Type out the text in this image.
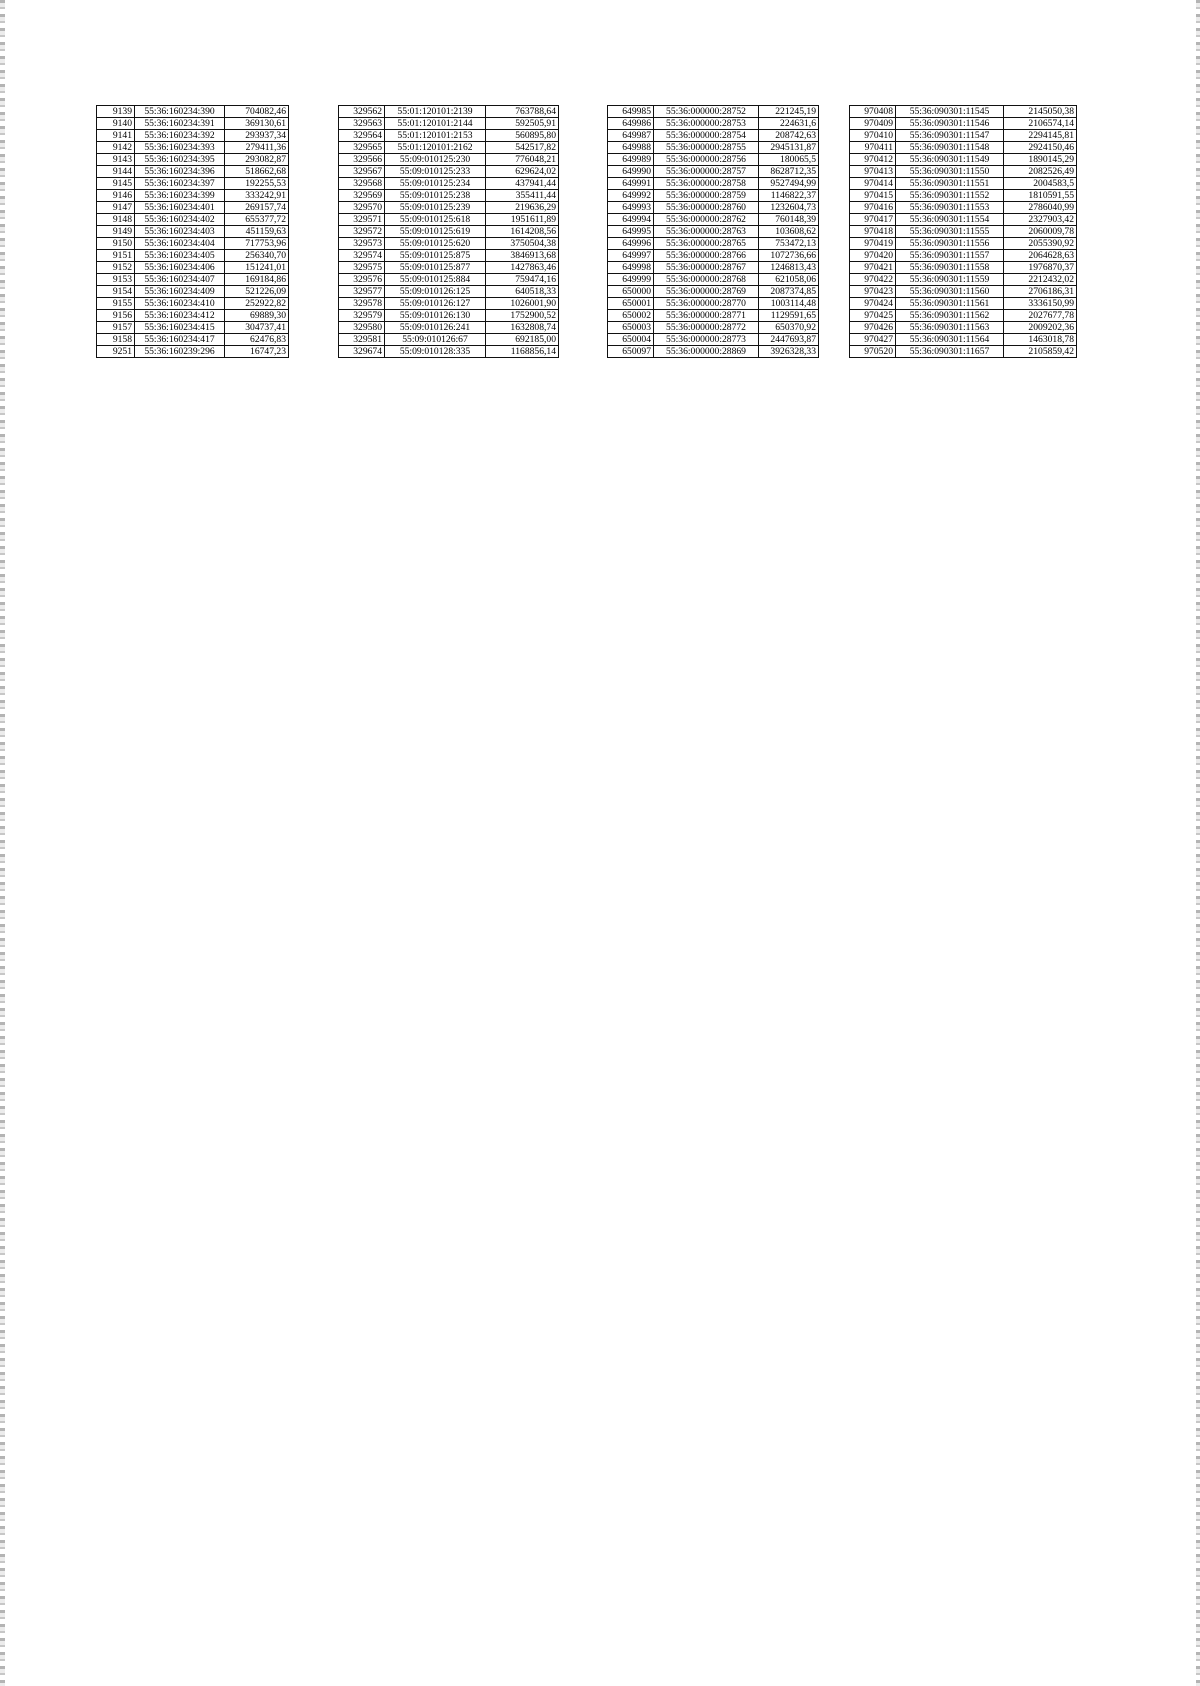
9139	55:36:160234:390	704082,46
9140	55:36:160234:391	369130,61
9141	55:36:160234:392	293937,34
9142	55:36:160234:393	279411,36
9143	55:36:160234:395	293082,87
9144	55:36:160234:396	518662,68
9145	55:36:160234:397	192255,53
9146	55:36:160234:399	333242,91
9147	55:36:160234:401	269157,74
9148	55:36:160234:402	655377,72
9149	55:36:160234:403	451159,63
9150	55:36:160234:404	717753,96
9151	55:36:160234:405	256340,70
9152	55:36:160234:406	151241,01
9153	55:36:160234:407	169184,86
9154	55:36:160234:409	521226,09
9155	55:36:160234:410	252922,82
9156	55:36:160234:412	69889,30
9157	55:36:160234:415	304737,41
9158	55:36:160234:417	62476,83
9251	55:36:160239:296	16747,23
329562	55:01:120101:2139	763788,64
329563	55:01:120101:2144	592505,91
329564	55:01:120101:2153	560895,80
329565	55:01:120101:2162	542517,82
329566	55:09:010125:230	776048,21
329567	55:09:010125:233	629624,02
329568	55:09:010125:234	437941,44
329569	55:09:010125:238	355411,44
329570	55:09:010125:239	219636,29
329571	55:09:010125:618	1951611,89
329572	55:09:010125:619	1614208,56
329573	55:09:010125:620	3750504,38
329574	55:09:010125:875	3846913,68
329575	55:09:010125:877	1427863,46
329576	55:09:010125:884	759474,16
329577	55:09:010126:125	640518,33
329578	55:09:010126:127	1026001,90
329579	55:09:010126:130	1752900,52
329580	55:09:010126:241	1632808,74
329581	55:09:010126:67	692185,00
329674	55:09:010128:335	1168856,14
649985	55:36:000000:28752	221245,19
649986	55:36:000000:28753	224631,6
649987	55:36:000000:28754	208742,63
649988	55:36:000000:28755	2945131,87
649989	55:36:000000:28756	180065,5
649990	55:36:000000:28757	8628712,35
649991	55:36:000000:28758	9527494,99
649992	55:36:000000:28759	1146822,37
649993	55:36:000000:28760	1232604,73
649994	55:36:000000:28762	760148,39
649995	55:36:000000:28763	103608,62
649996	55:36:000000:28765	753472,13
649997	55:36:000000:28766	1072736,66
649998	55:36:000000:28767	1246813,43
649999	55:36:000000:28768	621058,06
650000	55:36:000000:28769	2087374,85
650001	55:36:000000:28770	1003114,48
650002	55:36:000000:28771	1129591,65
650003	55:36:000000:28772	650370,92
650004	55:36:000000:28773	2447693,87
650097	55:36:000000:28869	3926328,33
970408	55:36:090301:11545	2145050,38
970409	55:36:090301:11546	2106574,14
970410	55:36:090301:11547	2294145,81
970411	55:36:090301:11548	2924150,46
970412	55:36:090301:11549	1890145,29
970413	55:36:090301:11550	2082526,49
970414	55:36:090301:11551	2004583,5
970415	55:36:090301:11552	1810591,55
970416	55:36:090301:11553	2786040,99
970417	55:36:090301:11554	2327903,42
970418	55:36:090301:11555	2060009,78
970419	55:36:090301:11556	2055390,92
970420	55:36:090301:11557	2064628,63
970421	55:36:090301:11558	1976870,37
970422	55:36:090301:11559	2212432,02
970423	55:36:090301:11560	2706186,31
970424	55:36:090301:11561	3336150,99
970425	55:36:090301:11562	2027677,78
970426	55:36:090301:11563	2009202,36
970427	55:36:090301:11564	1463018,78
970520	55:36:090301:11657	2105859,42
